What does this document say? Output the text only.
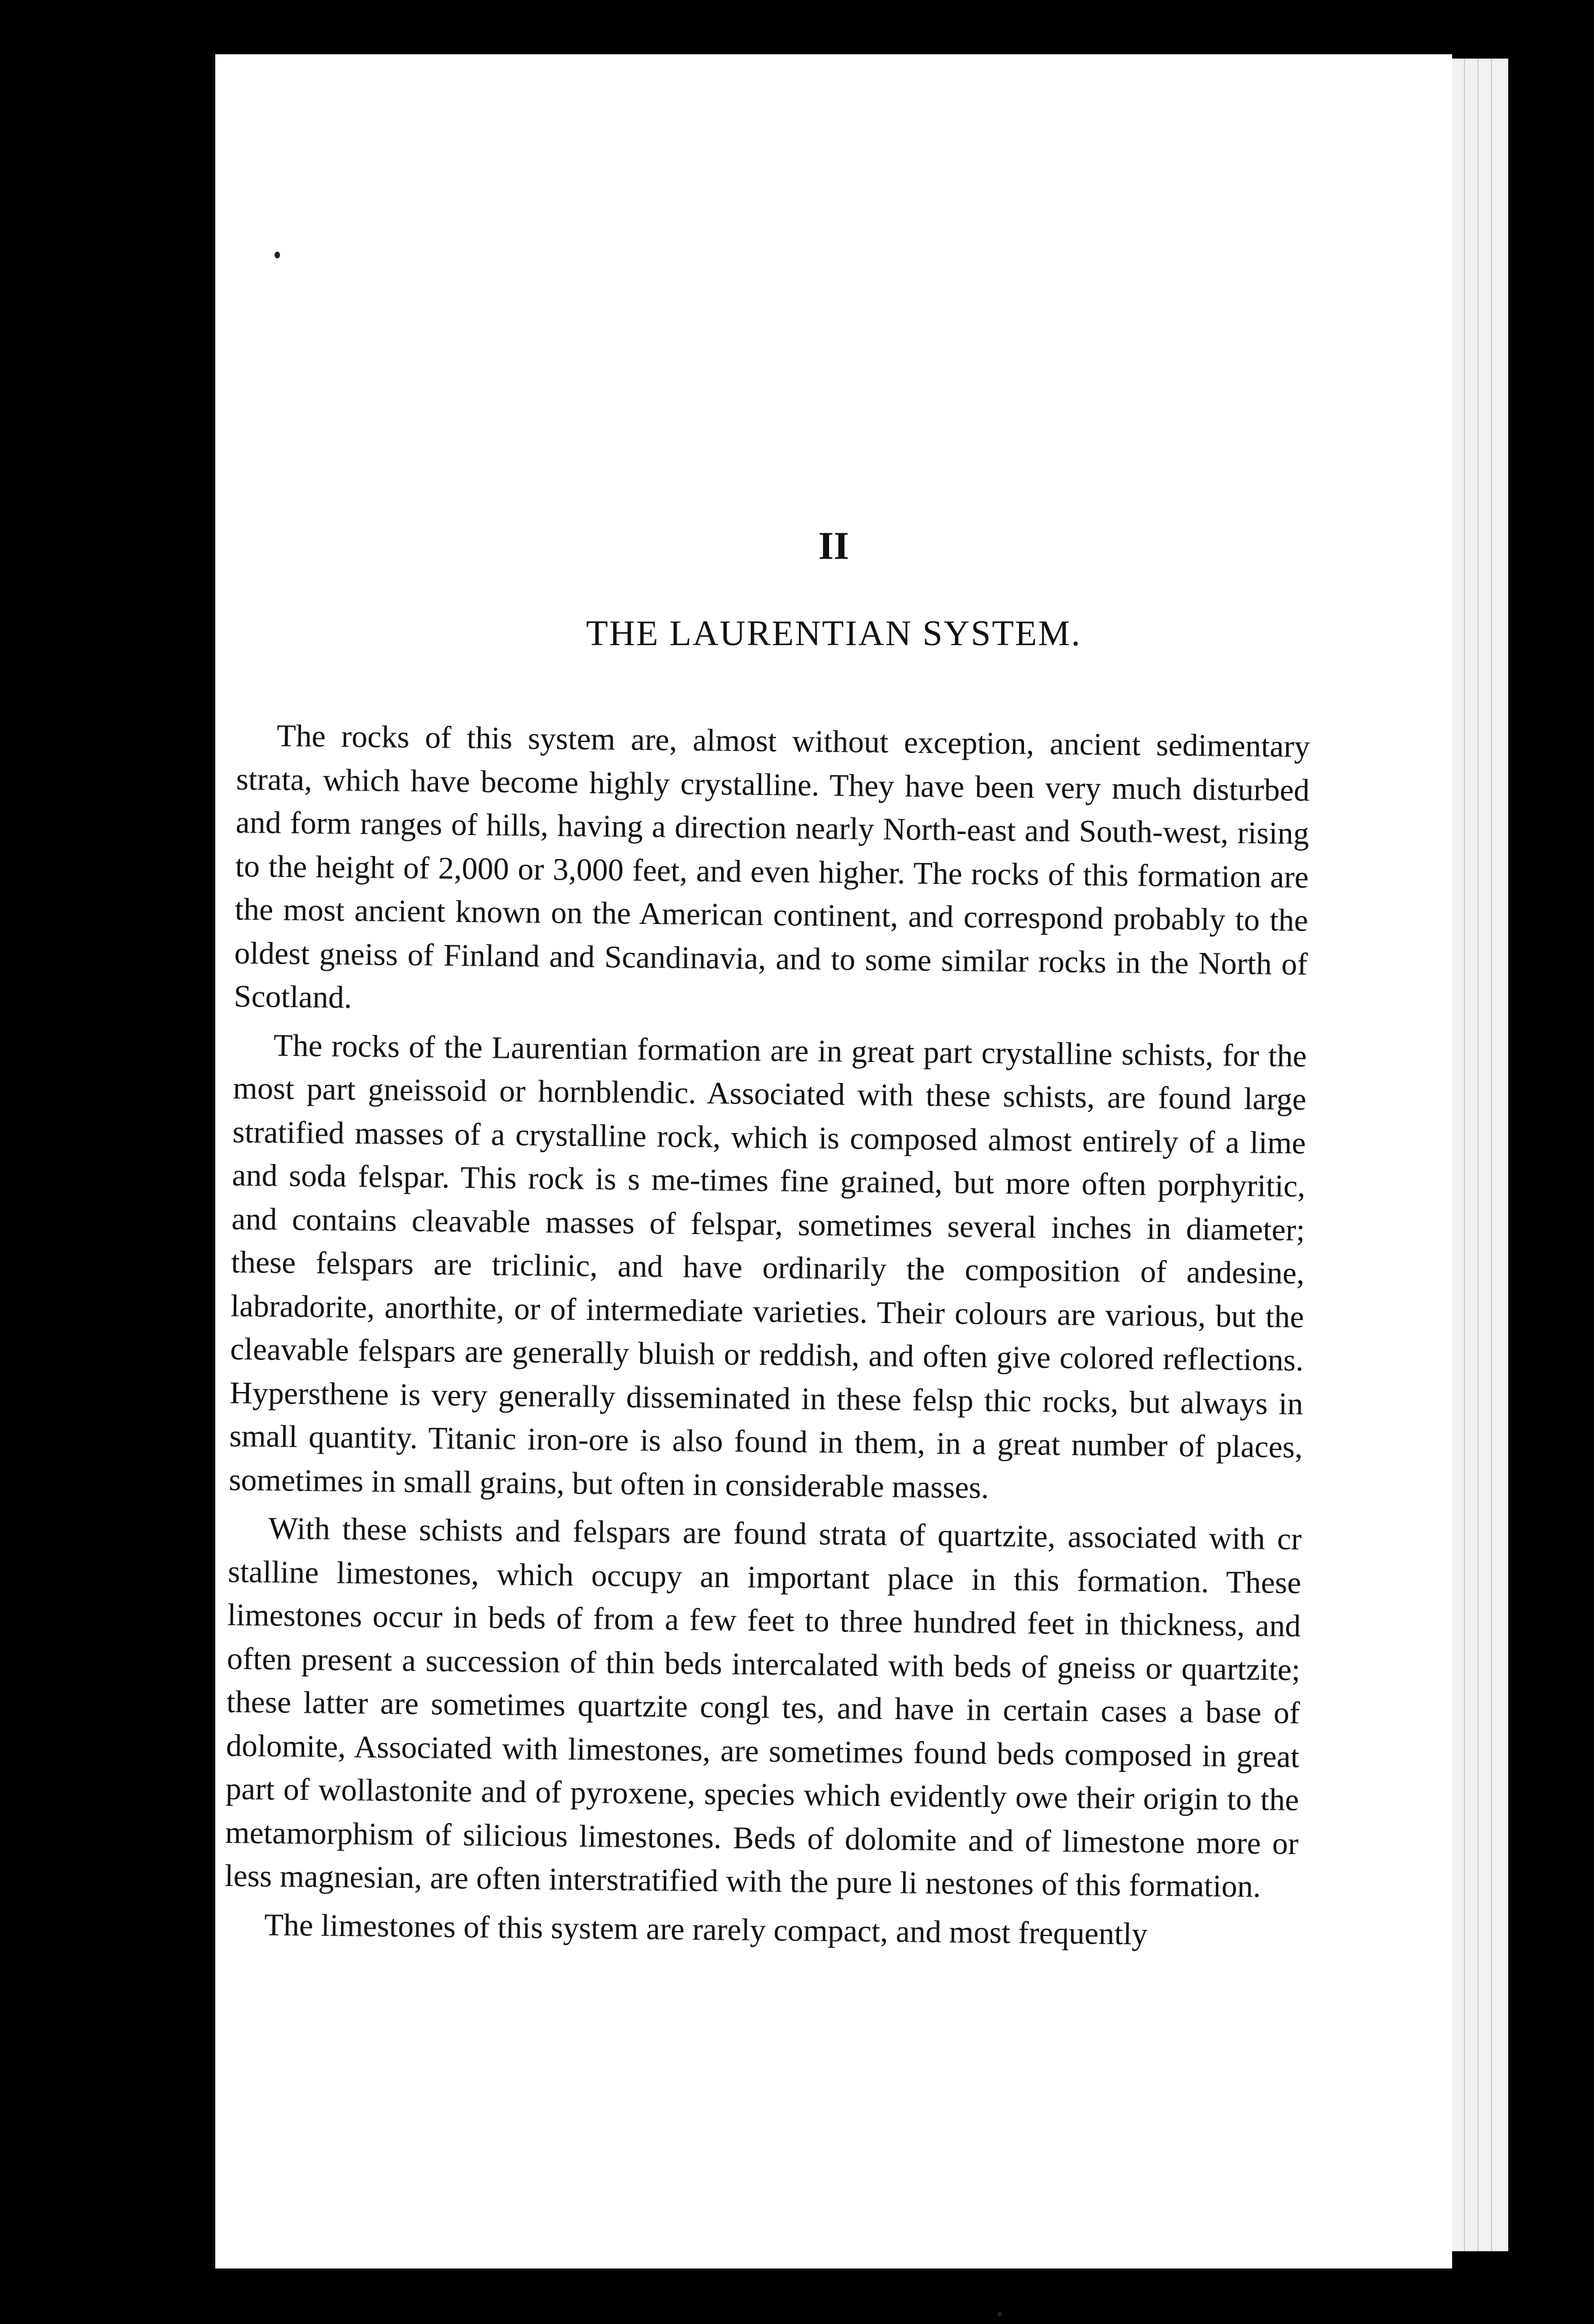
II
THE LAURENTIAN SYSTEM.

The rocks of this system are, almost without exception, ancient sedimentary strata, which have become highly crystalline. They have been very much disturbed and form ranges of hills, having a direction nearly North-east and South-west, rising to the height of 2,000 or 3,000 feet, and even higher. The rocks of this formation are the most ancient known on the American continent, and correspond probably to the oldest gneiss of Finland and Scandinavia, and to some similar rocks in the North of Scotland.

The rocks of the Laurentian formation are in great part crystalline schists, for the most part gneissoid or hornblendic. Associated with these schists, are found large stratified masses of a crystalline rock, which is composed almost entirely of a lime and soda felspar. This rock is s me-times fine grained, but more often porphyritic, and contains cleavable masses of felspar, sometimes several inches in diameter; these felspars are triclinic, and have ordinarily the composition of andesine, labradorite, anorthite, or of intermediate varieties. Their colours are various, but the cleavable felspars are generally bluish or reddish, and often give colored reflections. Hypersthene is very generally disseminated in these felsp thic rocks, but always in small quantity. Titanic iron-ore is also found in them, in a great number of places, sometimes in small grains, but often in considerable masses.

With these schists and felspars are found strata of quartzite, associated with cr stalline limestones, which occupy an important place in this formation. These limestones occur in beds of from a few feet to three hundred feet in thickness, and often present a succession of thin beds intercalated with beds of gneiss or quartzite; these latter are sometimes quartzite congl tes, and have in certain cases a base of dolomite, Associated with limestones, are sometimes found beds composed in great part of wollastonite and of pyroxene, species which evidently owe their origin to the metamorphism of silicious limestones. Beds of dolomite and of limestone more or less magnesian, are often interstratified with the pure li nestones of this formation.

The limestones of this system are rarely compact, and most frequently
